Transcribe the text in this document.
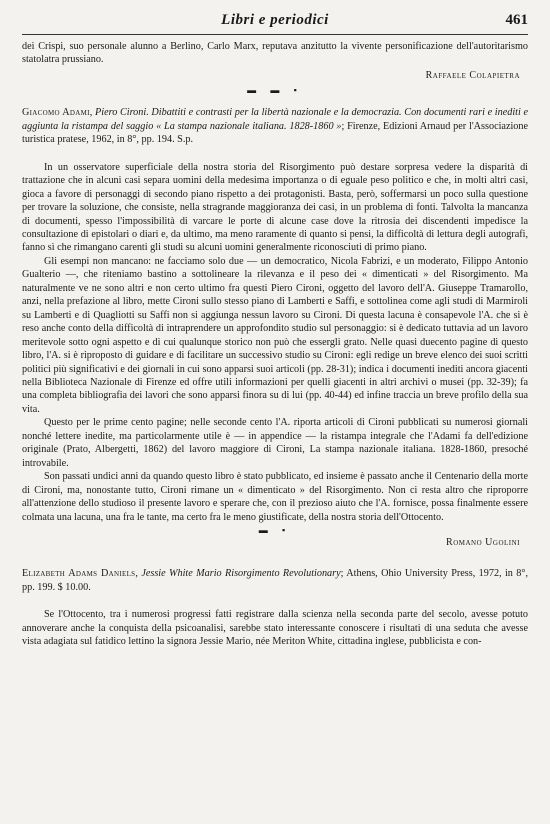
Libri e periodici	461

dei Crispi, suo personale alunno a Berlino, Carlo Marx, reputava anzitutto la vivente personificazione dell'autoritarismo statolatra prussiano.

Raffaele Colapietra
▬ ▬ ▪
Giacomo Adami, Piero Cironi. Dibattiti e contrasti per la libertà nazionale e la democrazia. Con documenti rari e inediti e aggiunta la ristampa del saggio « La stampa nazionale italiana. 1828-1860 »; Firenze, Edizioni Arnaud per l'Associazione turistica pratese, 1962, in 8°, pp. 194. S.p.

In un osservatore superficiale della nostra storia del Risorgimento può destare sorpresa vedere la disparità di trattazione che in alcuni casi separa uomini della medesima importanza o di eguale peso politico e che, in molti altri casi, gioca a favore di personaggi di secondo piano rispetto a dei protagonisti. Basta, però, soffermarsi un poco sulla questione per trovare la soluzione, che consiste, nella stragrande maggioranza dei casi, in un problema di fonti. Talvolta la mancanza di documenti, spesso l'impossibilità di varcare le porte di alcune case dove la ritrosia dei discendenti impedisce la consultazione di epistolari o diari e, da ultimo, ma meno raramente di quanto si pensi, la difficoltà di lettura degli autografi, fanno sì che rimangano carenti gli studi su alcuni uomini generalmente riconosciuti di primo piano.

Gli esempi non mancano: ne facciamo solo due — un democratico, Nicola Fabrizi, e un moderato, Filippo Antonio Gualterio —, che riteniamo bastino a sottolineare la rilevanza e il peso dei « dimenticati » del Risorgimento. Ma naturalmente ve ne sono altri e non certo ultimo fra questi Piero Cironi, oggetto del lavoro dell'A. Giuseppe Tramarollo, anzi, nella prefazione al libro, mette Cironi sullo stesso piano di Lamberti e Saffi, e sottolinea come agli studi di Marmiroli su Lamberti e di Quagliotti su Saffi non si aggiunga nessun lavoro su Cironi. Di questa lacuna è consapevole l'A. che si è reso anche conto della difficoltà di intraprendere un approfondito studio sul personaggio: si è dedicato tuttavia ad un lavoro meritevole sotto ogni aspetto e di cui qualunque storico non può che essergli grato. Nelle quasi duecento pagine di questo libro, l'A. si è riproposto di guidare e di facilitare un successivo studio su Cironi: egli redige un breve elenco dei suoi scritti politici più significativi e dei giornali in cui sono apparsi suoi articoli (pp. 28-31); indica i documenti inediti ancora giacenti nella Biblioteca Nazionale di Firenze ed offre utili informazioni per quelli giacenti in altri archivi o musei (pp. 32-39); fa una completa bibliografia dei lavori che sono apparsi finora su di lui (pp. 40-44) ed infine traccia un breve profilo della sua vita.

Questo per le prime cento pagine; nelle seconde cento l'A. riporta articoli di Cironi pubblicati su numerosi giornali nonché lettere inedite, ma particolarmente utile è — in appendice — la ristampa integrale che l'Adami fa dell'edizione originale (Prato, Albergetti, 1862) del lavoro maggiore di Cironi, La stampa nazionale italiana. 1828-1860, presoché introvabile.

Son passati undici anni da quando questo libro è stato pubblicato, ed insieme è passato anche il Centenario della morte di Cironi, ma, nonostante tutto, Cironi rimane un « dimenticato » del Risorgimento. Non ci resta altro che riproporre all'attenzione dello studioso il presente lavoro e sperare che, con il prezioso aiuto che l'A. fornisce, possa finalmente essere colmata una lacuna, una fra le tante, ma certo fra le meno giustificate, della nostra storia dell'Ottocento.

▬ ▪
Romano Ugolini
Elizabeth Adams Daniels, Jessie White Mario Risorgimento Revolutionary; Athens, Ohio University Press, 1972, in 8°, pp. 199. $ 10.00.

Se l'Ottocento, tra i numerosi progressi fatti registrare dalla scienza nella seconda parte del secolo, avesse potuto annoverare anche la conquista della psicoanalisi, sarebbe stato interessante conoscere i risultati di una seduta che avesse vista adagiata sul fatidico lettino la signora Jessie Mario, née Meriton White, cittadina inglese, pubblicista e con-
